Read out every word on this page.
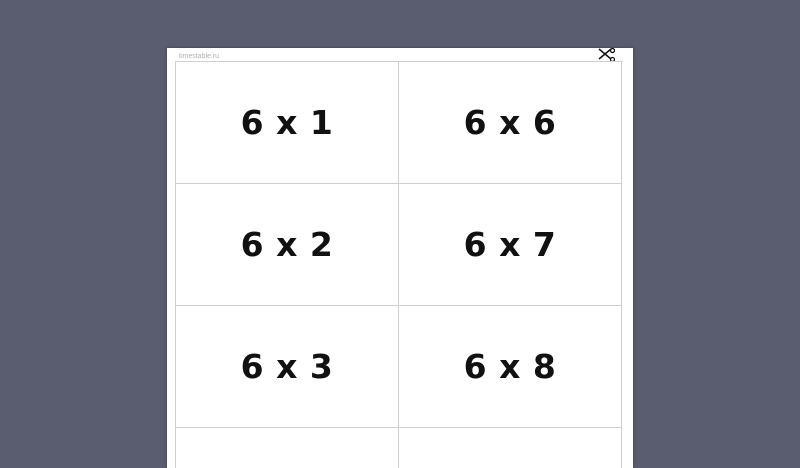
timestable.ru
6 x 1	6 x 6
6 x 2	6 x 7
6 x 3	6 x 8
